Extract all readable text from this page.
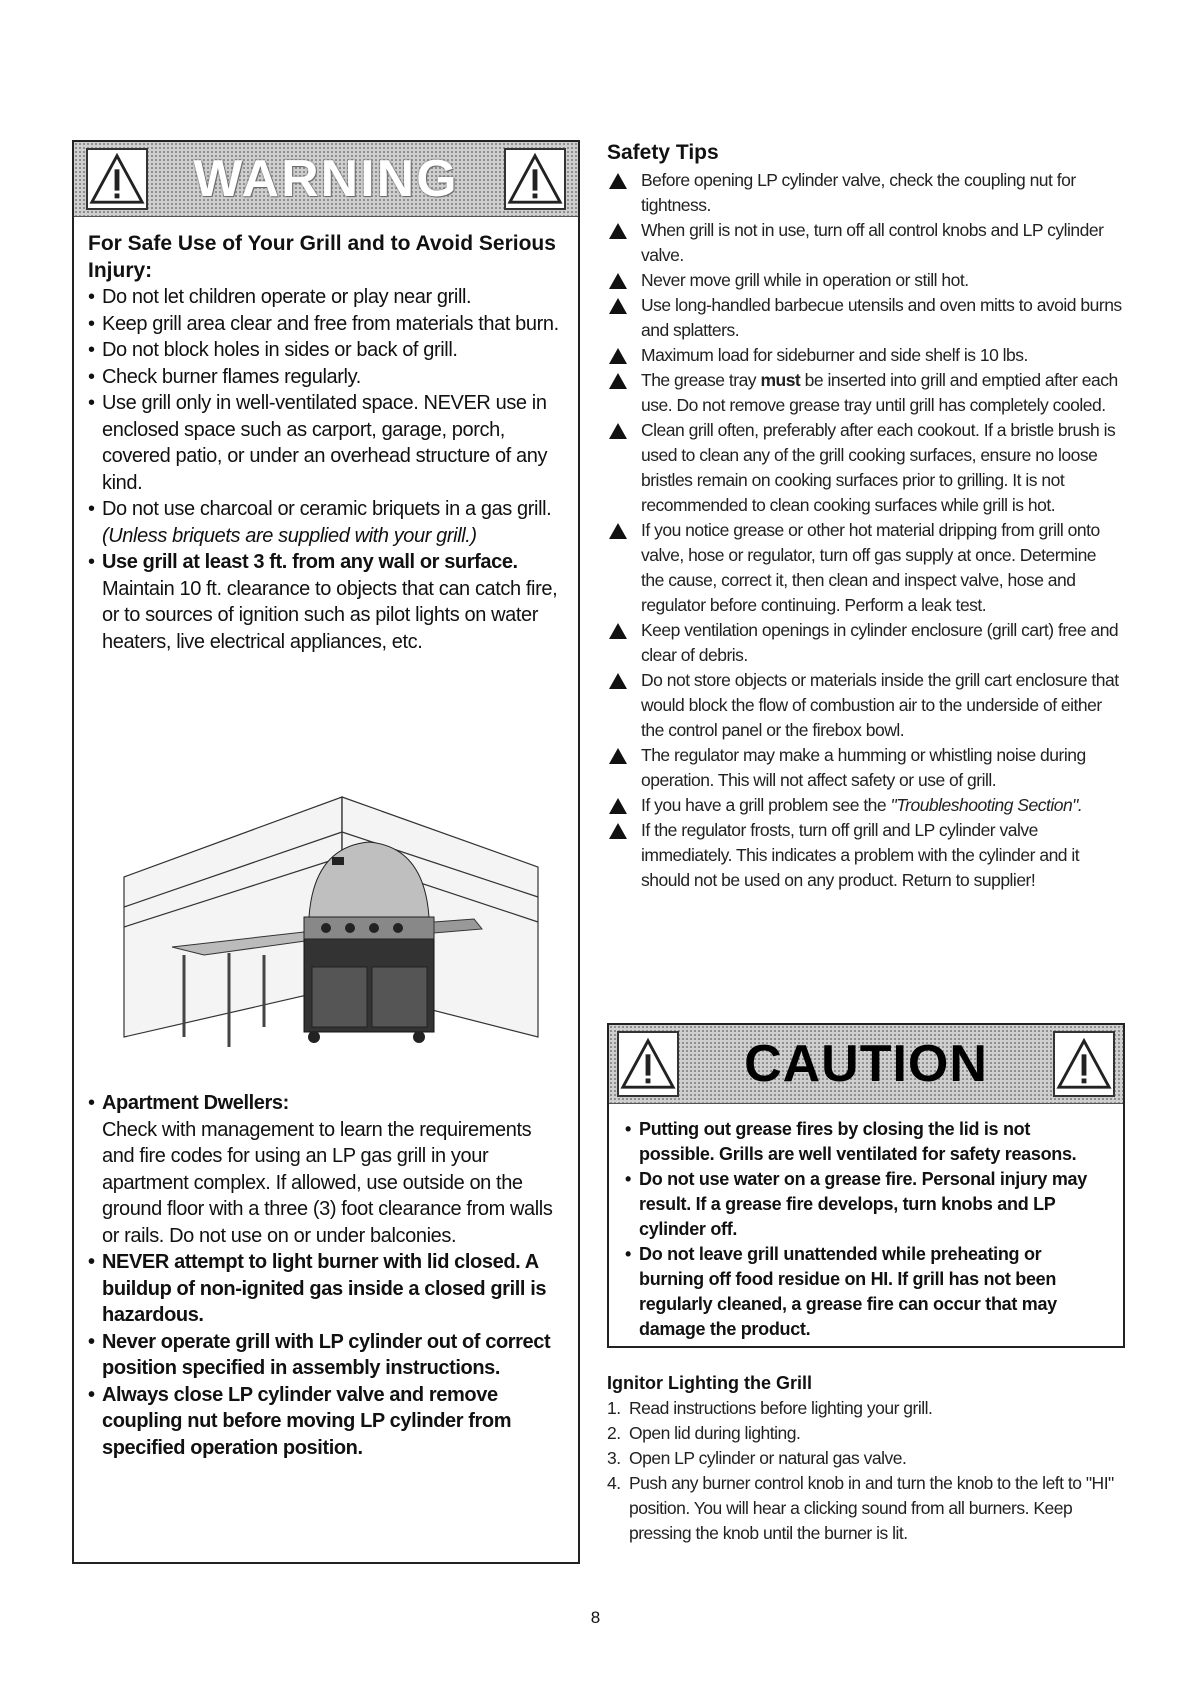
WARNING

For Safe Use of Your Grill and to Avoid Serious Injury:

• Do not let children operate or play near grill.
• Keep grill area clear and free from materials that burn.
• Do not block holes in sides or back of grill.
• Check burner flames regularly.
• Use grill only in well-ventilated space. NEVER use in enclosed space such as carport, garage, porch, covered patio, or under an overhead structure of any kind.
• Do not use charcoal or ceramic briquets in a gas grill.
(Unless briquets are supplied with your grill.)
• Use grill at least 3 ft. from any wall or surface.
Maintain 10 ft. clearance to objects that can catch fire, or to sources of ignition such as pilot lights on water heaters, live electrical appliances, etc.
• Apartment Dwellers:
Check with management to learn the requirements and fire codes for using an LP gas grill in your apartment complex. If allowed, use outside on the ground floor with a three (3) foot clearance from walls or rails. Do not use on or under balconies.
• NEVER attempt to light burner with lid closed. A buildup of non-ignited gas inside a closed grill is hazardous.
• Never operate grill with LP cylinder out of correct position specified in assembly instructions.
• Always close LP cylinder valve and remove coupling nut before moving LP cylinder from specified operation position.
Safety Tips
Before opening LP cylinder valve, check the coupling nut for tightness.
When grill is not in use, turn off all control knobs and LP cylinder valve.
Never move grill while in operation or still hot.
Use long-handled barbecue utensils and oven mitts to avoid burns and splatters.
Maximum load for sideburner and side shelf is 10 lbs.
The grease tray must be inserted into grill and emptied after each use. Do not remove grease tray until grill has completely cooled.
Clean grill often, preferably after each cookout. If a bristle brush is used to clean any of the grill cooking surfaces, ensure no loose bristles remain on cooking surfaces prior to grilling. It is not recommended to clean cooking surfaces while grill is hot.
If you notice grease or other hot material dripping from grill onto valve, hose or regulator, turn off gas supply at once. Determine the cause, correct it, then clean and inspect valve, hose and regulator before continuing. Perform a leak test.
Keep ventilation openings in cylinder enclosure (grill cart) free and clear of debris.
Do not store objects or materials inside the grill cart enclosure that would block the flow of combustion air to the underside of either the control panel or the firebox bowl.
The regulator may make a humming or whistling noise during operation. This will not affect safety or use of grill.
If you have a grill problem see the "Troubleshooting Section".
If the regulator frosts, turn off grill and LP cylinder valve immediately. This indicates a problem with the cylinder and it should not be used on any product. Return to supplier!
CAUTION
• Putting out grease fires by closing the lid is not possible. Grills are well ventilated for safety reasons.
• Do not use water on a grease fire. Personal injury may result. If a grease fire develops, turn knobs and LP cylinder off.
• Do not leave grill unattended while preheating or burning off food residue on HI. If grill has not been regularly cleaned, a grease fire can occur that may damage the product.
Ignitor Lighting the Grill
1. Read instructions before lighting your grill.
2. Open lid during lighting.
3. Open LP cylinder or natural gas valve.
4. Push any burner control knob in and turn the knob to the left to "HI" position. You will hear a clicking sound from all burners. Keep pressing the knob until the burner is lit.
8
